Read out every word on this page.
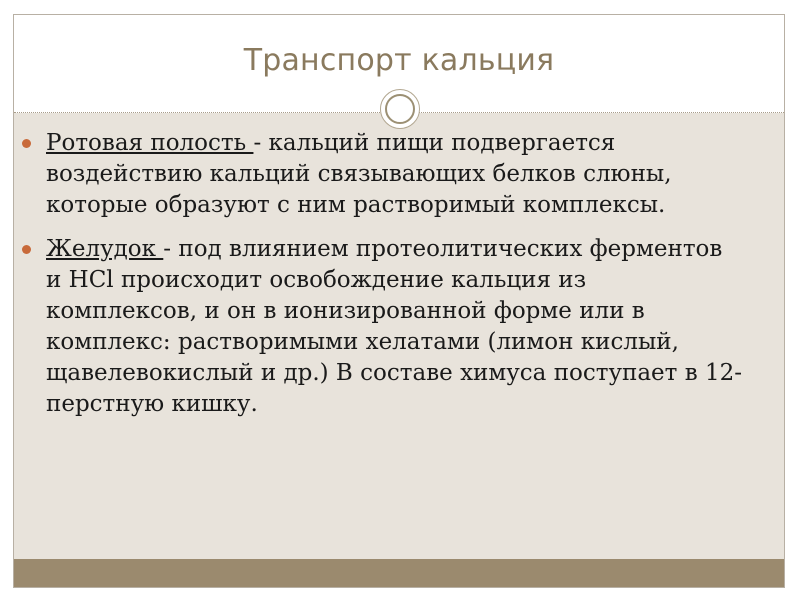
Транспорт кальция
Ротовая полость - кальций пищи подвергается воздействию кальций связывающих белков слюны, которые образуют с ним растворимый комплексы.
Желудок - под влиянием протеолитических ферментов и HCl происходит освобождение кальция из комплексов, и он в ионизированной форме или в комплекс: растворимыми хелатами (лимон кислый, щавелевокислый и др.) В составе химуса поступает в 12-перстную кишку.
